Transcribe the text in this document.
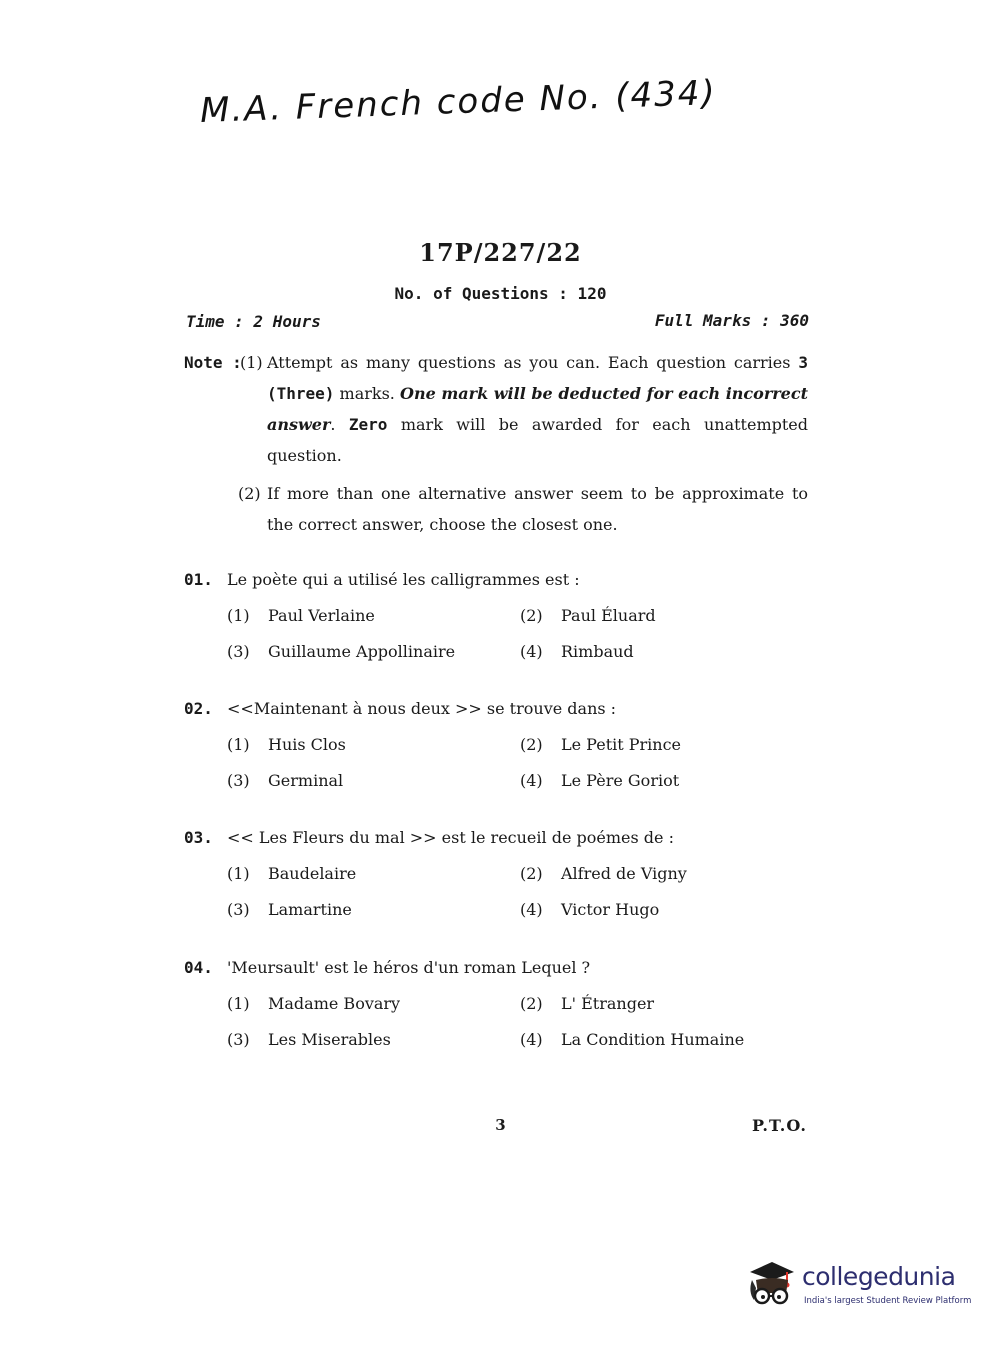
M.A. French code No. (434)
17P/227/22
No. of Questions : 120
Time : 2 Hours	Full Marks : 360
Note :
(1) Attempt as many questions as you can. Each question carries 3 (Three) marks. One mark will be deducted for each incorrect answer. Zero mark will be awarded for each unattempted question.
(2) If more than one alternative answer seem to be approximate to the correct answer, choose the closest one.
01. Le poète qui a utilisé les calligrammes est :
(1) Paul Verlaine	(2) Paul Éluard
(3) Guillaume Appollinaire	(4) Rimbaud
02. <<Maintenant à nous deux >> se trouve dans :
(1) Huis Clos	(2) Le Petit Prince
(3) Germinal	(4) Le Père Goriot
03. << Les Fleurs du mal >> est le recueil de poémes de :
(1) Baudelaire	(2) Alfred de Vigny
(3) Lamartine	(4) Victor Hugo
04. 'Meursault' est le héros d'un roman Lequel ?
(1) Madame Bovary	(2) L' Étranger
(3) Les Miserables	(4) La Condition Humaine
3	P.T.O.
collegedunia
India's largest Student Review Platform
